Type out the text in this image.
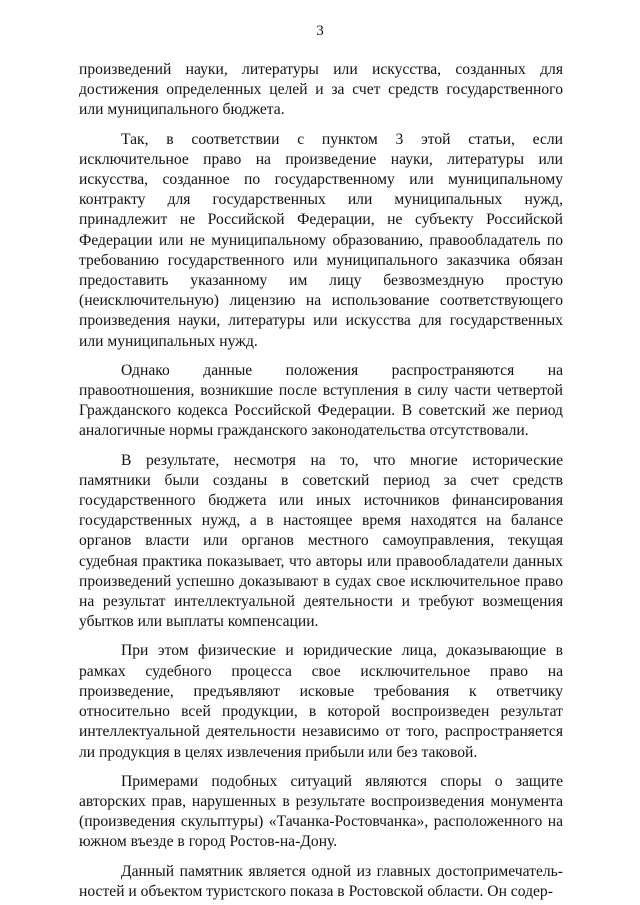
3

произведений науки, литературы или искусства, созданных для достижения определенных целей и за счет средств государственного или муниципального бюджета.

Так, в соответствии с пунктом 3 этой статьи, если исключительное право на произведение науки, литературы или искусства, созданное по государственному или муниципальному контракту для государственных или муниципальных нужд, принадлежит не Российской Федерации, не субъекту Российской Федерации или не муниципальному образованию, правообладатель по требованию государственного или муниципального заказчика обязан предоставить указанному им лицу безвозмездную простую (неисключительную) лицензию на использование соответствующего произведения науки, литературы или искусства для государственных или муниципальных нужд.

Однако данные положения распространяются на правоотношения, возникшие после вступления в силу части четвертой Гражданского кодекса Российской Федерации. В советский же период аналогичные нормы гражданского законодательства отсутствовали.

В результате, несмотря на то, что многие исторические памятники были созданы в советский период за счет средств государственного бюджета или иных источников финансирования государственных нужд, а в настоящее время находятся на балансе органов власти или органов местного самоуправления, текущая судебная практика показывает, что авторы или правообладатели данных произведений успешно доказывают в судах свое исключительное право на результат интеллектуальной деятельности и требуют возмещения убытков или выплаты компенсации.

При этом физические и юридические лица, доказывающие в рамках судебного процесса свое исключительное право на произведение, предъявляют исковые требования к ответчику относительно всей продукции, в которой воспроизведен результат интеллектуальной деятельности независимо от того, распространяется ли продукция в целях извлечения прибыли или без таковой.

Примерами подобных ситуаций являются споры о защите авторских прав, нарушенных в результате воспроизведения монумента (произведения скульптуры) «Тачанка-Ростовчанка», расположенного на южном въезде в город Ростов-на-Дону.

Данный памятник является одной из главных достопримечательностей и объектом туристского показа в Ростовской области. Он содер-
